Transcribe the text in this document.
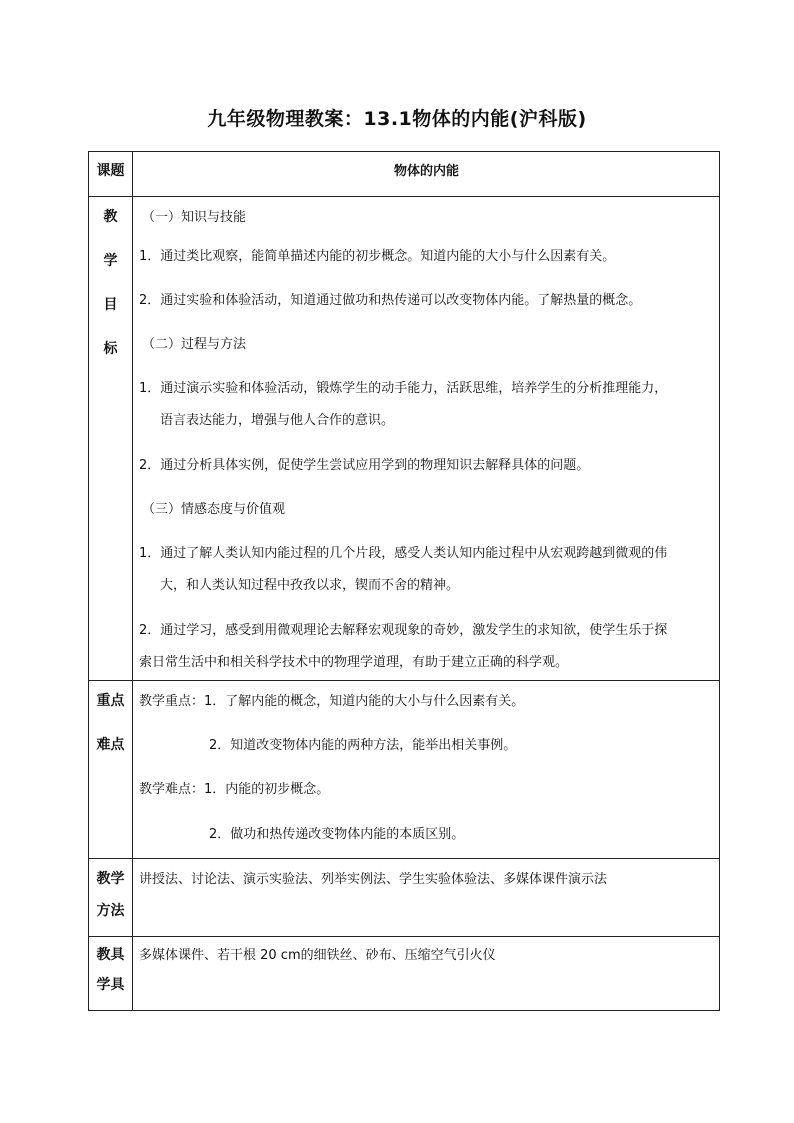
九年级物理教案：13.1物体的内能(沪科版)
课题	物体的内能
教
学
目
标
（一）知识与技能
1．通过类比观察，能简单描述内能的初步概念。知道内能的大小与什么因素有关。
2．通过实验和体验活动，知道通过做功和热传递可以改变物体内能。了解热量的概念。
（二）过程与方法
1．通过演示实验和体验活动，锻炼学生的动手能力，活跃思维，培养学生的分析推理能力，
语言表达能力，增强与他人合作的意识。
2．通过分析具体实例，促使学生尝试应用学到的物理知识去解释具体的问题。
（三）情感态度与价值观
1．通过了解人类认知内能过程的几个片段，感受人类认知内能过程中从宏观跨越到微观的伟
大，和人类认知过程中孜孜以求，锲而不舍的精神。
2．通过学习，感受到用微观理论去解释宏观现象的奇妙，激发学生的求知欲，使学生乐于探
索日常生活中和相关科学技术中的物理学道理，有助于建立正确的科学观。
重点
难点
教学重点：1．了解内能的概念，知道内能的大小与什么因素有关。
2．知道改变物体内能的两种方法，能举出相关事例。
教学难点：1．内能的初步概念。
2．做功和热传递改变物体内能的本质区别。
教学
方法
讲授法、讨论法、演示实验法、列举实例法、学生实验体验法、多媒体课件演示法
教具
学具
多媒体课件、若干根 20 cm的细铁丝、砂布、压缩空气引火仪
